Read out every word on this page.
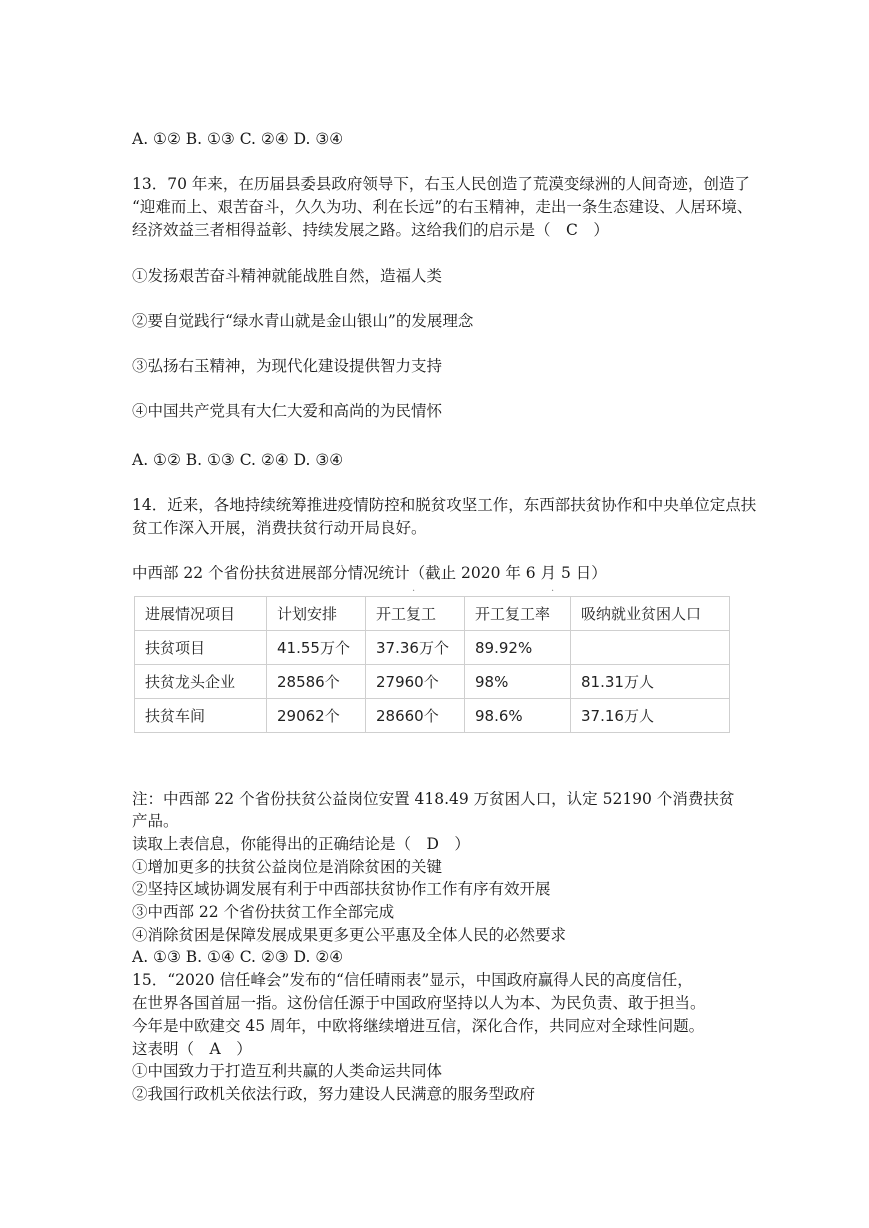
A. ①② B. ①③ C. ②④ D. ③④
13．70 年来，在历届县委县政府领导下，右玉人民创造了荒漠变绿洲的人间奇迹，创造了
“迎难而上、艰苦奋斗，久久为功、利在长远”的右玉精神，走出一条生态建设、人居环境、
经济效益三者相得益彰、持续发展之路。这给我们的启示是（　C　）
①发扬艰苦奋斗精神就能战胜自然，造福人类
②要自觉践行“绿水青山就是金山银山”的发展理念
③弘扬右玉精神，为现代化建设提供智力支持
④中国共产党具有大仁大爱和高尚的为民情怀
A. ①② B. ①③ C. ②④ D. ③④
14．近来，各地持续统筹推进疫情防控和脱贫攻坚工作，东西部扶贫协作和中央单位定点扶
贫工作深入开展，消费扶贫行动开局良好。
中西部 22 个省份扶贫进展部分情况统计（截止 2020 年 6 月 5 日）
·	·
进展情况项目	计划安排	开工复工	开工复工率	吸纳就业贫困人口
扶贫项目	41.55万个	37.36万个	89.92%	
扶贫龙头企业	28586个	27960个	98%	81.31万人
扶贫车间	29062个	28660个	98.6%	37.16万人
注：中西部 22 个省份扶贫公益岗位安置 418.49 万贫困人口，认定 52190 个消费扶贫
产品。
读取上表信息，你能得出的正确结论是（　D　）
①增加更多的扶贫公益岗位是消除贫困的关键
②坚持区域协调发展有利于中西部扶贫协作工作有序有效开展
③中西部 22 个省份扶贫工作全部完成
④消除贫困是保障发展成果更多更公平惠及全体人民的必然要求
A. ①③ B. ①④ C. ②③ D. ②④
15．“2020 信任峰会”发布的“信任晴雨表”显示，中国政府赢得人民的高度信任，
在世界各国首屈一指。这份信任源于中国政府坚持以人为本、为民负责、敢于担当。
今年是中欧建交 45 周年，中欧将继续增进互信，深化合作，共同应对全球性问题。
这表明（　A　）
①中国致力于打造互利共赢的人类命运共同体
②我国行政机关依法行政，努力建设人民满意的服务型政府
